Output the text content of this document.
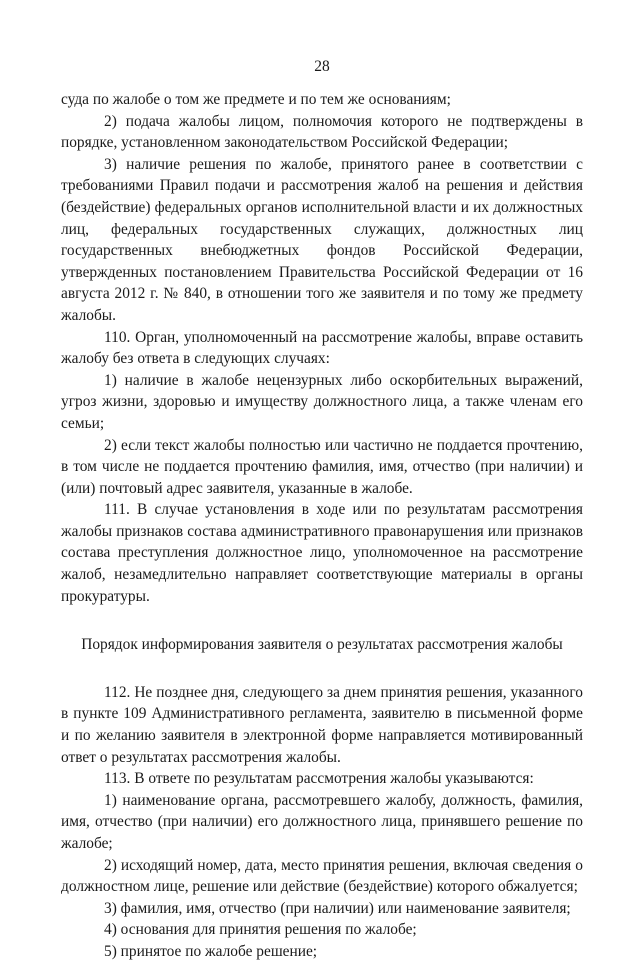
28

суда по жалобе о том же предмете и по тем же основаниям;

2) подача жалобы лицом, полномочия которого не подтверждены в порядке, установленном законодательством Российской Федерации;

3) наличие решения по жалобе, принятого ранее в соответствии с требованиями Правил подачи и рассмотрения жалоб на решения и действия (бездействие) федеральных органов исполнительной власти и их должностных лиц, федеральных государственных служащих, должностных лиц государственных внебюджетных фондов Российской Федерации, утвержденных постановлением Правительства Российской Федерации от 16 августа 2012 г. № 840, в отношении того же заявителя и по тому же предмету жалобы.

110. Орган, уполномоченный на рассмотрение жалобы, вправе оставить жалобу без ответа в следующих случаях:

1) наличие в жалобе нецензурных либо оскорбительных выражений, угроз жизни, здоровью и имуществу должностного лица, а также членам его семьи;

2) если текст жалобы полностью или частично не поддается прочтению, в том числе не поддается прочтению фамилия, имя, отчество (при наличии) и (или) почтовый адрес заявителя, указанные в жалобе.

111. В случае установления в ходе или по результатам рассмотрения жалобы признаков состава административного правонарушения или признаков состава преступления должностное лицо, уполномоченное на рассмотрение жалоб, незамедлительно направляет соответствующие материалы в органы прокуратуры.

Порядок информирования заявителя о результатах рассмотрения жалобы

112. Не позднее дня, следующего за днем принятия решения, указанного в пункте 109 Административного регламента, заявителю в письменной форме и по желанию заявителя в электронной форме направляется мотивированный ответ о результатах рассмотрения жалобы.

113. В ответе по результатам рассмотрения жалобы указываются:

1) наименование органа, рассмотревшего жалобу, должность, фамилия, имя, отчество (при наличии) его должностного лица, принявшего решение по жалобе;

2) исходящий номер, дата, место принятия решения, включая сведения о должностном лице, решение или действие (бездействие) которого обжалуется;

3) фамилия, имя, отчество (при наличии) или наименование заявителя;

4) основания для принятия решения по жалобе;

5) принятое по жалобе решение;
